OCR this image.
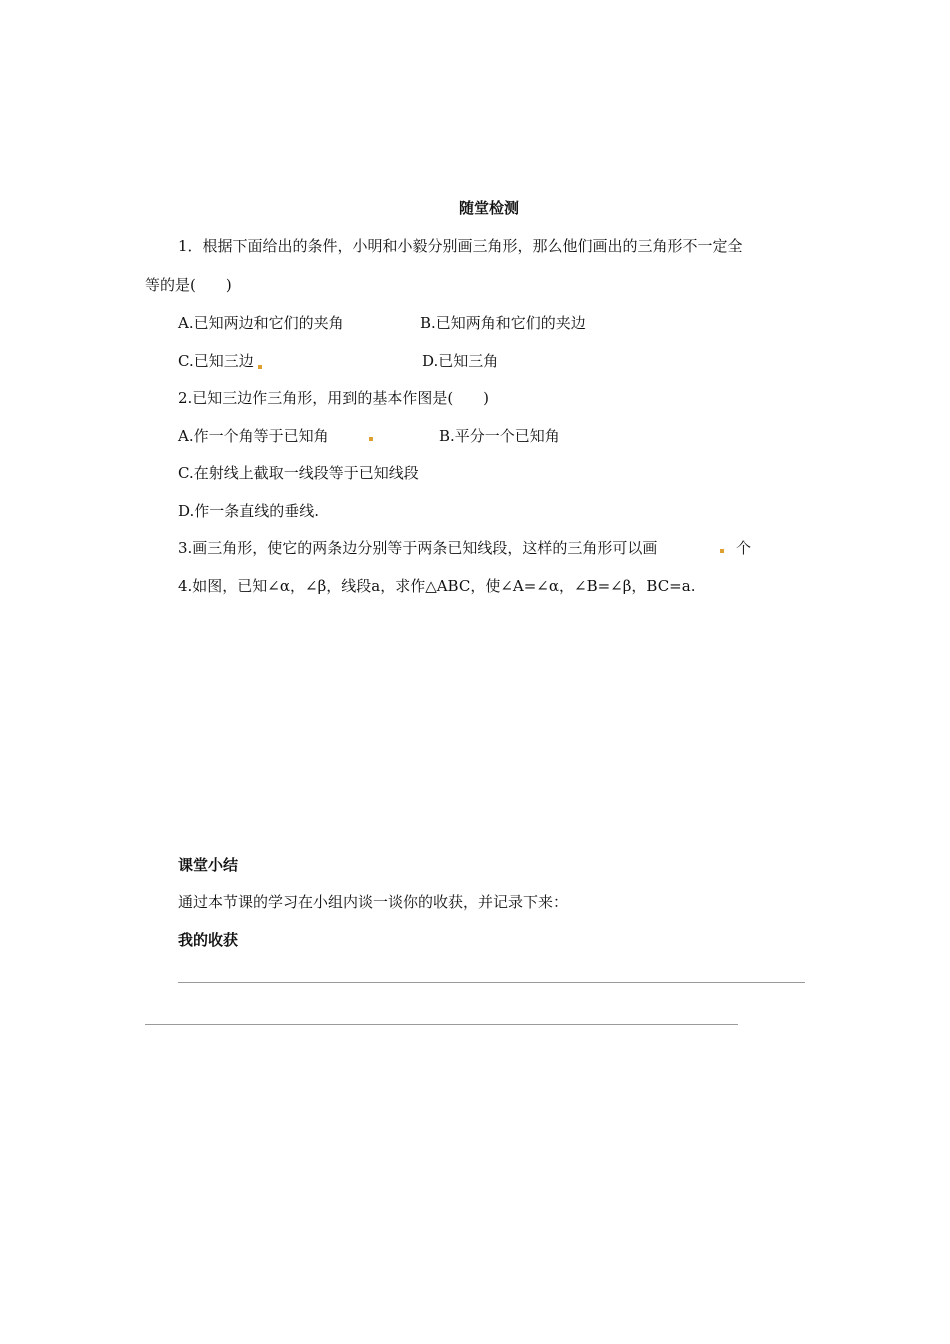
随堂检测
1．根据下面给出的条件，小明和小毅分别画三角形，那么他们画出的三角形不一定全
等的是(　　)
A.已知两边和它们的夹角	B.已知两角和它们的夹边
C.已知三边	D.已知三角
2.已知三边作三角形，用到的基本作图是(　　)
A.作一个角等于已知角	B.平分一个已知角
C.在射线上截取一线段等于已知线段
D.作一条直线的垂线.
3.画三角形，使它的两条边分别等于两条已知线段，这样的三角形可以画	个
4.如图，已知∠α，∠β，线段a，求作△ABC，使∠A=∠α，∠B=∠β，BC=a.
课堂小结
通过本节课的学习在小组内谈一谈你的收获，并记录下来：
我的收获
